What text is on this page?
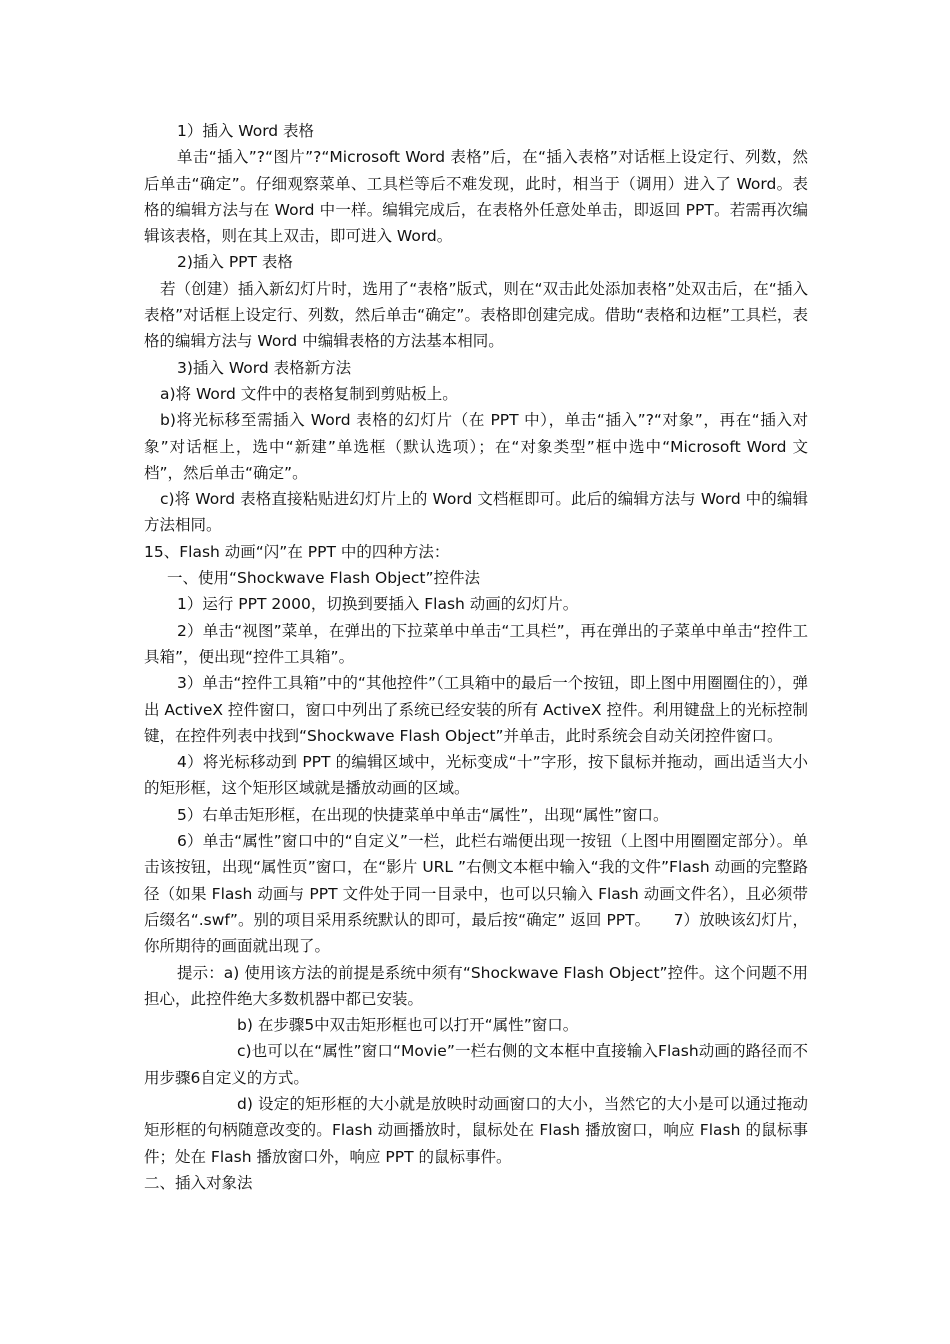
1）插入 Word 表格

单击“插入”?“图片”?“Microsoft Word 表格”后，在“插入表格”对话框上设定行、列数，然后单击“确定”。仔细观察菜单、工具栏等后不难发现，此时，相当于（调用）进入了 Word。表格的编辑方法与在 Word 中一样。编辑完成后，在表格外任意处单击，即返回 PPT。若需再次编辑该表格，则在其上双击，即可进入 Word。

2)插入 PPT 表格

若（创建）插入新幻灯片时，选用了“表格”版式，则在“双击此处添加表格”处双击后，在“插入表格”对话框上设定行、列数，然后单击“确定”。表格即创建完成。借助“表格和边框”工具栏，表格的编辑方法与 Word 中编辑表格的方法基本相同。

3)插入 Word 表格新方法

a)将 Word 文件中的表格复制到剪贴板上。

b)将光标移至需插入 Word 表格的幻灯片（在 PPT 中），单击“插入”?“对象”，再在“插入对象”对话框上，选中“新建”单选框（默认选项）；在“对象类型”框中选中“Microsoft Word 文档”，然后单击“确定”。

c)将 Word 表格直接粘贴进幻灯片上的 Word 文档框即可。此后的编辑方法与 Word 中的编辑方法相同。

15、Flash 动画“闪”在 PPT 中的四种方法：

一、使用“Shockwave Flash Object”控件法

1）运行 PPT 2000，切换到要插入 Flash 动画的幻灯片。

2）单击“视图”菜单，在弹出的下拉菜单中单击“工具栏”，再在弹出的子菜单中单击“控件工具箱”，便出现“控件工具箱”。

3）单击“控件工具箱”中的“其他控件”（工具箱中的最后一个按钮，即上图中用圈圈住的），弹出 ActiveX 控件窗口，窗口中列出了系统已经安装的所有 ActiveX 控件。利用键盘上的光标控制键，在控件列表中找到“Shockwave Flash Object”并单击，此时系统会自动关闭控件窗口。

4）将光标移动到 PPT 的编辑区域中，光标变成“十”字形，按下鼠标并拖动，画出适当大小的矩形框，这个矩形区域就是播放动画的区域。

5）右单击矩形框，在出现的快捷菜单中单击“属性”，出现“属性”窗口。

6）单击“属性”窗口中的“自定义”一栏，此栏右端便出现一按钮（上图中用圈圈定部分）。单击该按钮，出现“属性页”窗口，在“影片 URL ”右侧文本框中输入“我的文件”Flash 动画的完整路径（如果 Flash 动画与 PPT 文件处于同一目录中，也可以只输入 Flash 动画文件名），且必须带后缀名“.swf”。别的项目采用系统默认的即可，最后按“确定” 返回 PPT。　　7）放映该幻灯片，你所期待的画面就出现了。

提示：a) 使用该方法的前提是系统中须有“Shockwave Flash Object”控件。这个问题不用担心，此控件绝大多数机器中都已安装。

b) 在步骤5中双击矩形框也可以打开“属性”窗口。

c)也可以在“属性”窗口“Movie”一栏右侧的文本框中直接输入Flash动画的路径而不用步骤6自定义的方式。

d) 设定的矩形框的大小就是放映时动画窗口的大小，当然它的大小是可以通过拖动矩形框的句柄随意改变的。Flash 动画播放时，鼠标处在 Flash 播放窗口，响应 Flash 的鼠标事件；处在 Flash 播放窗口外，响应 PPT 的鼠标事件。

二、插入对象法
